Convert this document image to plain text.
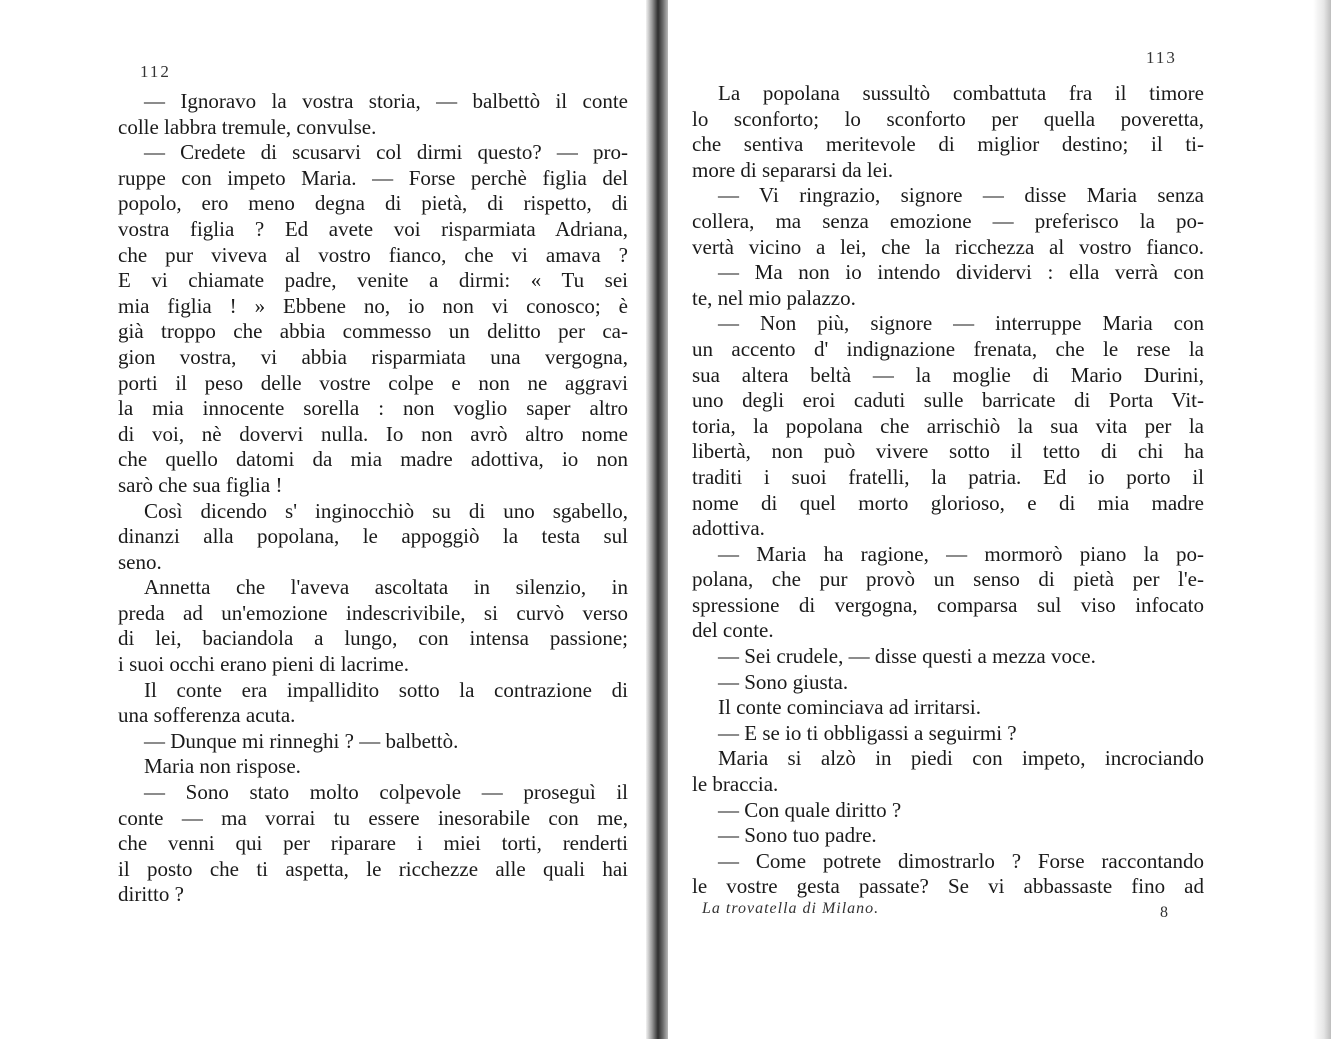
112
— Ignoravo la vostra storia, — balbettò il conte
colle labbra tremule, convulse.
— Credete di scusarvi col dirmi questo? — pro-
ruppe con impeto Maria. — Forse perchè figlia del
popolo, ero meno degna di pietà, di rispetto, di
vostra figlia ? Ed avete voi risparmiata Adriana,
che pur viveva al vostro fianco, che vi amava ?
E vi chiamate padre, venite a dirmi: « Tu sei
mia figlia ! » Ebbene no, io non vi conosco; è
già troppo che abbia commesso un delitto per ca-
gion vostra, vi abbia risparmiata una vergogna,
porti il peso delle vostre colpe e non ne aggravi
la mia innocente sorella : non voglio saper altro
di voi, nè dovervi nulla. Io non avrò altro nome
che quello datomi da mia madre adottiva, io non
sarò che sua figlia !
Così dicendo s' inginocchiò su di uno sgabello,
dinanzi alla popolana, le appoggiò la testa sul
seno.
Annetta che l'aveva ascoltata in silenzio, in
preda ad un'emozione indescrivibile, si curvò verso
di lei, baciandola a lungo, con intensa passione;
i suoi occhi erano pieni di lacrime.
Il conte era impallidito sotto la contrazione di
una sofferenza acuta.
— Dunque mi rinneghi ? — balbettò.
Maria non rispose.
— Sono stato molto colpevole — proseguì il
conte — ma vorrai tu essere inesorabile con me,
che venni qui per riparare i miei torti, renderti
il posto che ti aspetta, le ricchezze alle quali hai
diritto ?
113
La popolana sussultò combattuta fra il timore
lo sconforto; lo sconforto per quella poveretta,
che sentiva meritevole di miglior destino; il ti-
more di separarsi da lei.
— Vi ringrazio, signore — disse Maria senza
collera, ma senza emozione — preferisco la po-
vertà vicino a lei, che la ricchezza al vostro fianco.
— Ma non io intendo dividervi : ella verrà con
te, nel mio palazzo.
— Non più, signore — interruppe Maria con
un accento d' indignazione frenata, che le rese la
sua altera beltà — la moglie di Mario Durini,
uno degli eroi caduti sulle barricate di Porta Vit-
toria, la popolana che arrischiò la sua vita per la
libertà, non può vivere sotto il tetto di chi ha
traditi i suoi fratelli, la patria. Ed io porto il
nome di quel morto glorioso, e di mia madre
adottiva.
— Maria ha ragione, — mormorò piano la po-
polana, che pur provò un senso di pietà per l'e-
spressione di vergogna, comparsa sul viso infocato
del conte.
— Sei crudele, — disse questi a mezza voce.
— Sono giusta.
Il conte cominciava ad irritarsi.
— E se io ti obbligassi a seguirmi ?
Maria si alzò in piedi con impeto, incrociando
le braccia.
— Con quale diritto ?
— Sono tuo padre.
— Come potrete dimostrarlo ? Forse raccontando
le vostre gesta passate? Se vi abbassaste fino ad
La trovatella di Milano.	8
